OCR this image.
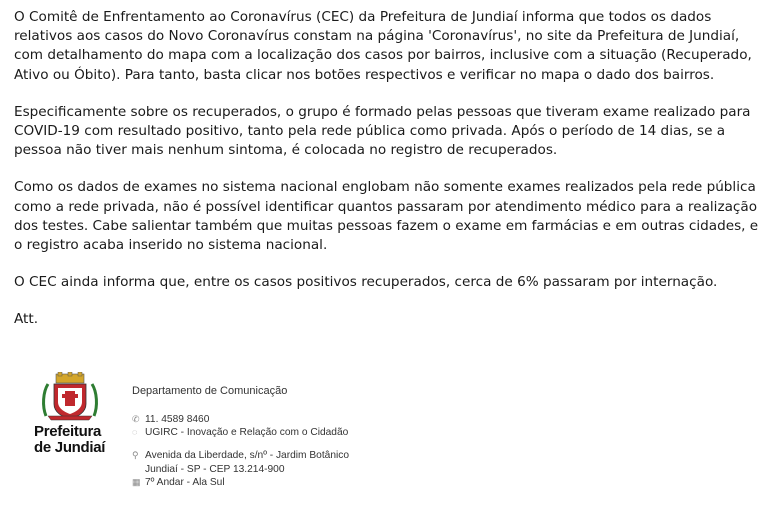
O Comitê de Enfrentamento ao Coronavírus (CEC) da Prefeitura de Jundiaí informa que todos os dados relativos aos casos do Novo Coronavírus constam na página 'Coronavírus', no site da Prefeitura de Jundiaí, com detalhamento do mapa com a localização dos casos por bairros, inclusive com a situação (Recuperado, Ativo ou Óbito). Para tanto, basta clicar nos botões respectivos e verificar no mapa o dado dos bairros.

Especificamente sobre os recuperados, o grupo é formado pelas pessoas que tiveram exame realizado para COVID-19 com resultado positivo, tanto pela rede pública como privada. Após o período de 14 dias, se a pessoa não tiver mais nenhum sintoma, é colocada no registro de recuperados.

Como os dados de exames no sistema nacional englobam não somente exames realizados pela rede pública como a rede privada, não é possível identificar quantos passaram por atendimento médico para a realização dos testes. Cabe salientar também que muitas pessoas fazem o exame em farmácias e em outras cidades, e o registro acaba inserido no sistema nacional.

O CEC ainda informa que, entre os casos positivos recuperados, cerca de 6% passaram por internação.

Att.

Prefeitura
de Jundiaí
Departamento de Comunicação
✆ 11. 4589 8460
◌ UGIRC - Inovação e Relação com o Cidadão
⚲ Avenida da Liberdade, s/nº - Jardim Botânico
Jundiaí - SP - CEP 13.214-900
▦ 7º Andar - Ala Sul
